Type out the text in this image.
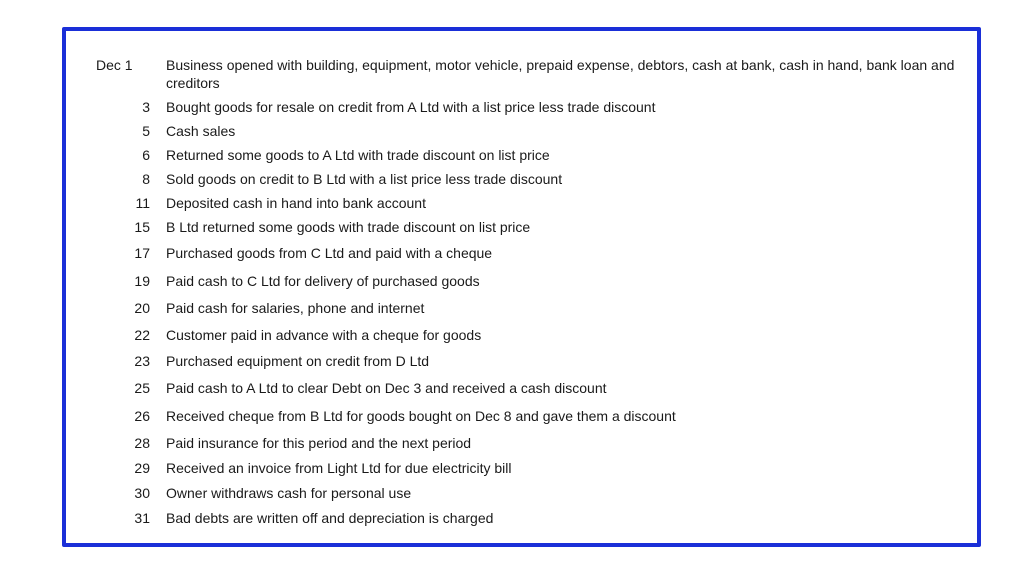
Dec 1	Business opened with building, equipment, motor vehicle, prepaid expense, debtors, cash at bank, cash in hand, bank loan and creditors
3 Bought goods for resale on credit from A Ltd with a list price less trade discount
5 Cash sales
6 Returned some goods to A Ltd with trade discount on list price
8 Sold goods on credit to B Ltd with a list price less trade discount
11 Deposited cash in hand into bank account
15 B Ltd returned some goods with trade discount on list price
17 Purchased goods from C Ltd and paid with a cheque
19 Paid cash to C Ltd for delivery of purchased goods
20 Paid cash for salaries, phone and internet
22 Customer paid in advance with a cheque for goods
23 Purchased equipment on credit from D Ltd
25 Paid cash to A Ltd to clear Debt on Dec 3 and received a cash discount
26 Received cheque from B Ltd for goods bought on Dec 8 and gave them a discount
28 Paid insurance for this period and the next period
29 Received an invoice from Light Ltd for due electricity bill
30 Owner withdraws cash for personal use
31 Bad debts are written off and depreciation is charged
